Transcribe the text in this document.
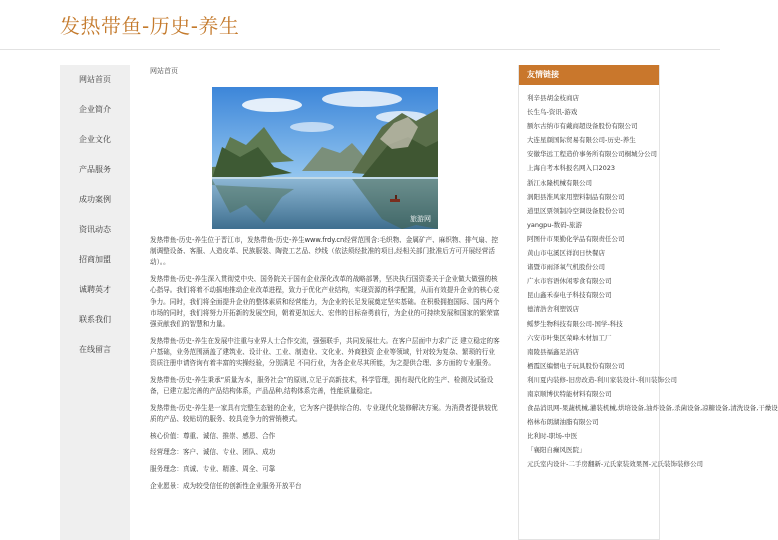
发热带鱼-历史-养生
网站首页
企业简介
企业文化
产品服务
成功案例
资讯动态
招商加盟
诚聘英才
联系我们
在线留言
网站首页
旅游网

发热带鱼-历史-养生位于晋江市，发热带鱼-历史-养生www.frdy.cn经营范围含:毛织物、金属矿产、麻织物、排气扇、控制调整设备、客服、人造皮革、民族服装、陶瓷工艺品、纱线（依法须经批准的项目,经相关部门批准后方可开展经营活动）。。

发热带鱼-历史-养生深入贯彻党中央、国务院关于国有企业深化改革的战略部署，坚决执行国资委关于企业做大做强的核心指导。我们将着不动摇地推动企业改革进程，致力于优化产业结构，实现资源的科学配置，从而有效提升企业的核心竞争力。同时，我们将全面提升企业的整体素质和经营能力，为企业的长足发展奠定坚实基础。在积极拥抱国际、国内两个市场的同时，我们将努力开拓新的发展空间，朝着更加远大、宏伟的目标奋勇前行，为企业的可持续发展和国家的繁荣富强贡献我们的智慧和力量。

发热带鱼-历史-养生在发展中注重与业界人士合作交流，强强联手，共同发展壮大。在客户层面中力求广泛 建立稳定的客户基础，业务范围涵盖了建筑业、设计业、工业、制造业、文化业、外商独资 企业等领域，针对较为复杂、繁琐的行业资质注册申请咨询有着丰富的实操经验，分别满足 不同行业，为各企业尽其所能，为之提供合理、多方面的专业服务。

发热带鱼-历史-养生秉承“质量为本，服务社会”的原则,立足于高新技术，科学管理，拥有现代化的生产、检测及试验设备，已建立起完善的产品结构体系，产品品种,结构体系完善，性能质量稳定。

发热带鱼-历史-养生是一家具有完整生态链的企业，它为客户提供综合的、专业现代化装修解决方案。为消费者提供较优质的产品、较贴切的服务、较具竞争力的营销模式。

核心价值：尊重、诚信、推崇、感恩、合作

经营理念：客户、诚信、专业、团队、成功

服务理念：真诚、专业、精准、周全、可靠

企业愿景：成为较受信任的创新性企业服务开放平台

友情链接
利辛县胡金枝商店
长生鸟-资讯-游戏
额尔古纳市有戴商超设备股份有限公司
大连星颜国际贸易有限公司-历史-养生
安徽华远工程造价事务所有限公司桐城分公司
上海自考本科报名网入口2023
浙江永隆机械有限公司
涡阳县淮风家用塑料制品有限公司
道里区票领制冷空调设备股份公司
yangpu-数码-旅游
阿图什市果勤化学品有限责任公司
黄山市屯溪区祥润日快餐店
诸暨市雨泽氧气机股份公司
广水市容语休闲零食有限公司
昆山鑫禾泰电子科技有限公司
德清浩舍利塑饭店
鳐梦生物科技有限公司-国学-科技
六安市叶集区荣峰木材加工厂
南陵县福鑫足浴店
栖霞区编惯电子玩具股份有限公司
利川夏内装修-旧房改造-利川家装设计-利川装饰公司
南京顺博伏特能材料有限公司
食品消讯网-果蔬机械,灌装机械,烘培设备,油炸设备,杀菌设备,凉糖设备,清洗设备,干燥设
格林布朗湖油脂有限公司
比利时-职场-中医
「襄阳自癫风医院」
元氏室内设计-二手房翻新-元氏家装效果图-元氏装饰装修公司
